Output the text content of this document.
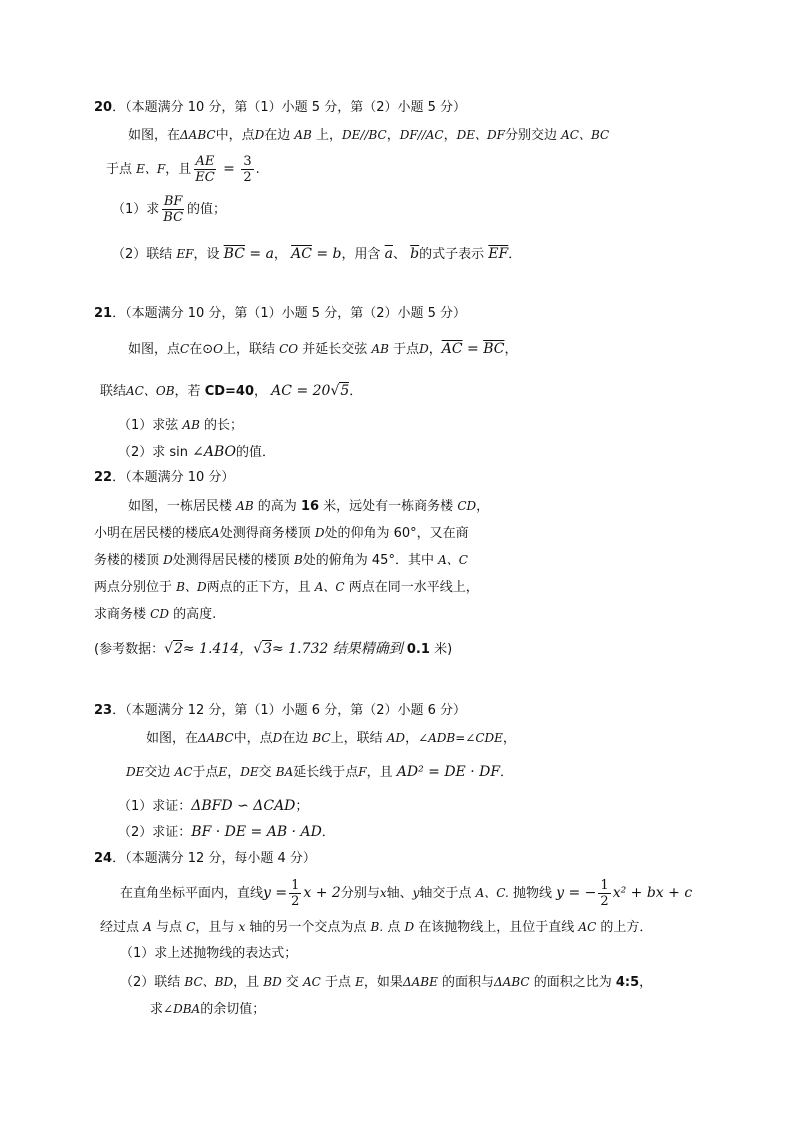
20．（本题满分 10 分，第（1）小题 5 分，第（2）小题 5 分）
如图，在ΔABC中，点D在边 AB 上，DE//BC，DF//AC，DE、DF分别交边 AC、BC
于点 E、F，且 $\frac{AE}{EC} = \frac{3}{2}$ .
（1）求 $\frac{BF}{BC}$ 的值；
（2）联结 EF，设 $\overline{BC} = a$， $\overline{AC} = b$，用含 $\overline{a}$、 $\overline{b}$的式子表示 $\overline{EF}$．
21．（本题满分 10 分，第（1）小题 5 分，第（2）小题 5 分）
如图，点C在⊙O上，联结 CO 并延长交弦 AB 于点D，$\overline{AC} = \overline{BC}$，
联结AC、OB，若 CD=40， AC = 20√5．
（1）求弦 AB 的长；
（2）求 sin ∠ABO的值．
22．（本题满分 10 分）
如图，一栋居民楼 AB 的高为 16 米，远处有一栋商务楼 CD，
小明在居民楼的楼底A处测得商务楼顶 D处的仰角为 60°，又在商
务楼的楼顶 D处测得居民楼的楼顶 B处的俯角为 45°．其中 A、C
两点分别位于 B、D两点的正下方，且 A、C 两点在同一水平线上，
求商务楼 CD 的高度.
(参考数据：√2≈ 1.414，√3≈ 1.732 结果精确到 0.1 米)
23．（本题满分 12 分，第（1）小题 6 分，第（2）小题 6 分）
如图，在ΔABC中，点D在边 BC上，联结 AD，∠ADB=∠CDE，
DE交边 AC于点E，DE交 BA延长线于点F，且 AD² = DE · DF．
（1）求证：ΔBFD ∽ ΔCAD；
（2）求证：BF · DE = AB · AD．
24．（本题满分 12 分，每小题 4 分）
在直角坐标平面内，直线$y = \frac{1}{2}$ x + 2分别与x轴、y轴交于点 A、C. 抛物线 y = − $\frac{1}{2} x^2$ + bx + c
经过点 A 与点 C，且与 x 轴的另一个交点为点 B. 点 D 在该抛物线上，且位于直线 AC 的上方．
（1）求上述抛物线的表达式；
（2）联结 BC、BD，且 BD 交 AC 于点 E，如果ΔABE 的面积与ΔABC 的面积之比为 4:5，
求∠DBA的余切值；
